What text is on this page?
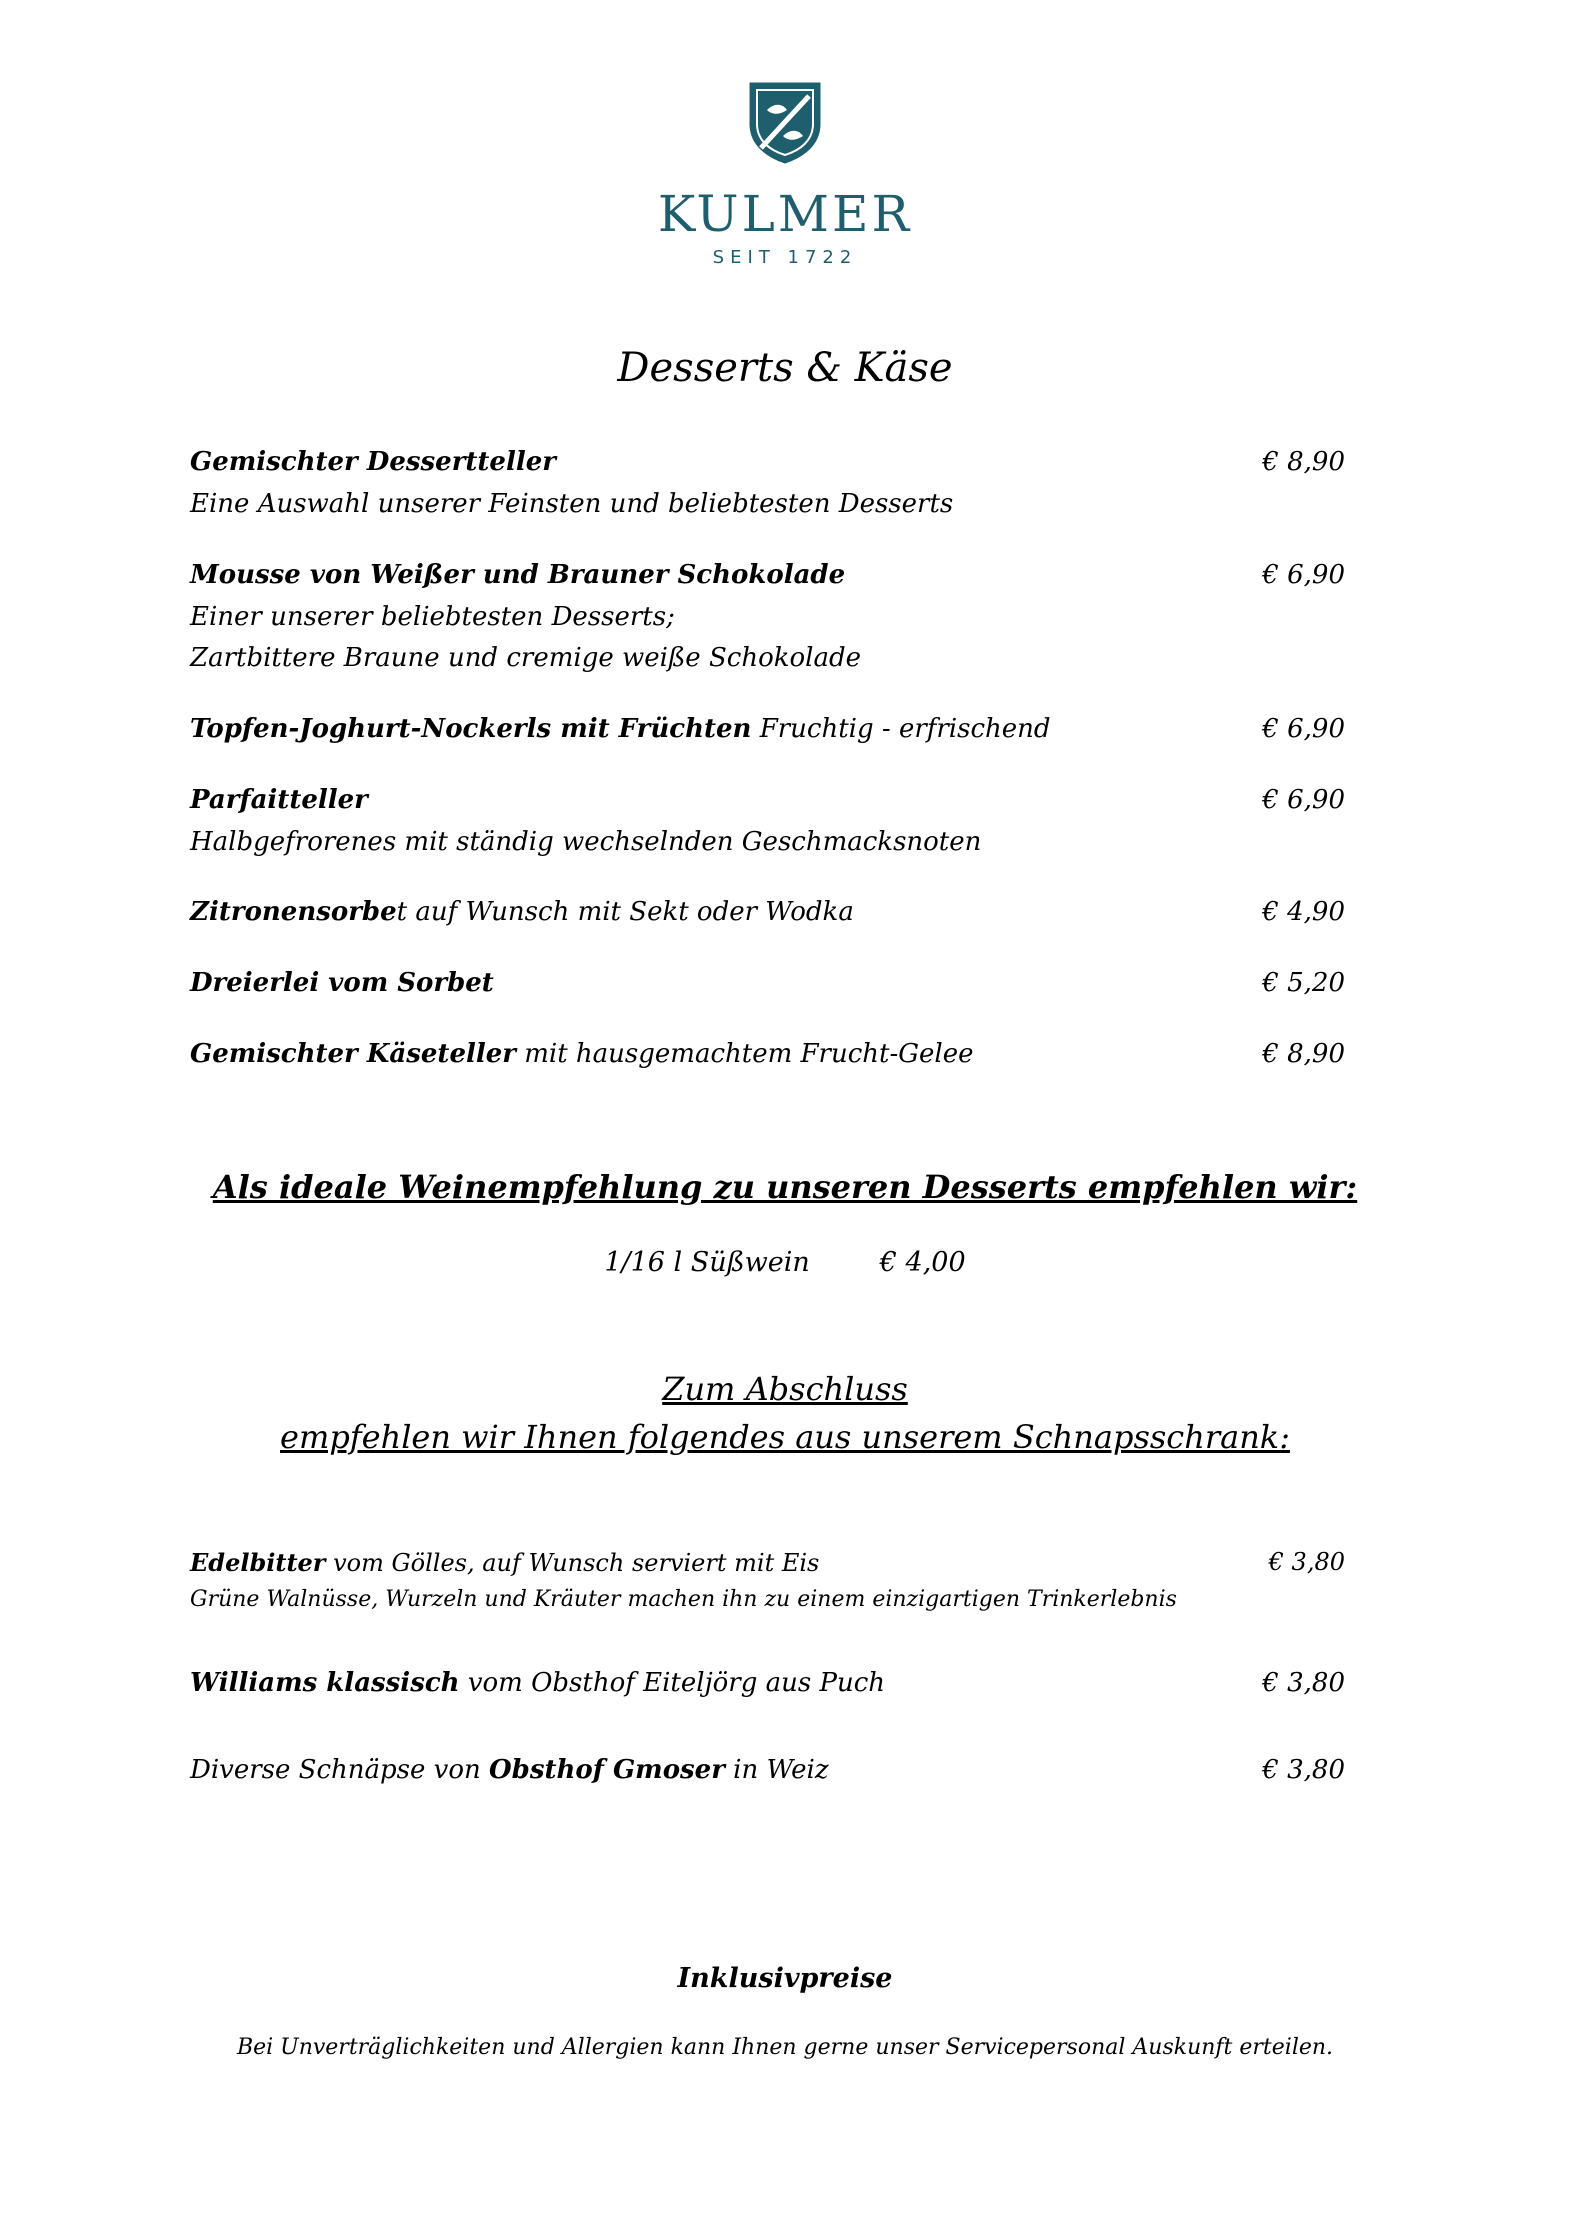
KULMER
SEIT 1722
Desserts & Käse
Gemischter Dessertteller	€ 8,90
Eine Auswahl unserer Feinsten und beliebtesten Desserts
Mousse von Weißer und Brauner Schokolade	€ 6,90
Einer unserer beliebtesten Desserts;
Zartbittere Braune und cremige weiße Schokolade
Topfen-Joghurt-Nockerls mit Früchten Fruchtig - erfrischend	€ 6,90
Parfaitteller	€ 6,90
Halbgefrorenes mit ständig wechselnden Geschmacksnoten
Zitronensorbet auf Wunsch mit Sekt oder Wodka	€ 4,90
Dreierlei vom Sorbet	€ 5,20
Gemischter Käseteller mit hausgemachtem Frucht-Gelee	€ 8,90
Als ideale Weinempfehlung zu unseren Desserts empfehlen wir:
1/16 l Süßwein	€ 4,00
Zum Abschluss
empfehlen wir Ihnen folgendes aus unserem Schnapsschrank:
Edelbitter vom Gölles, auf Wunsch serviert mit Eis	€ 3,80
Grüne Walnüsse, Wurzeln und Kräuter machen ihn zu einem einzigartigen Trinkerlebnis
Williams klassisch vom Obsthof Eiteljörg aus Puch	€ 3,80
Diverse Schnäpse von Obsthof Gmoser in Weiz	€ 3,80
Inklusivpreise
Bei Unverträglichkeiten und Allergien kann Ihnen gerne unser Servicepersonal Auskunft erteilen.
